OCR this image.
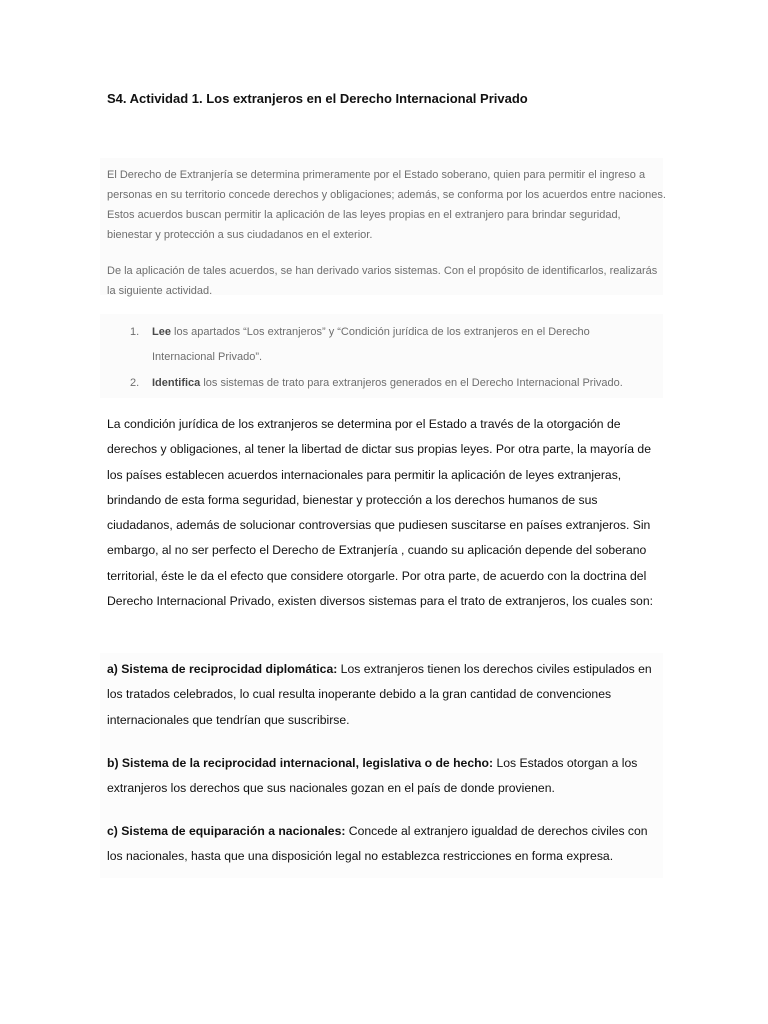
S4. Actividad 1. Los extranjeros en el Derecho Internacional Privado

El Derecho de Extranjería se determina primeramente por el Estado soberano, quien para permitir el ingreso a personas en su territorio concede derechos y obligaciones; además, se conforma por los acuerdos entre naciones. Estos acuerdos buscan permitir la aplicación de las leyes propias en el extranjero para brindar seguridad, bienestar y protección a sus ciudadanos en el exterior.

De la aplicación de tales acuerdos, se han derivado varios sistemas. Con el propósito de identificarlos, realizarás la siguiente actividad.

1. Lee los apartados “Los extranjeros” y “Condición jurídica de los extranjeros en el Derecho Internacional Privado”.
2. Identifica los sistemas de trato para extranjeros generados en el Derecho Internacional Privado.

La condición jurídica de los extranjeros se determina por el Estado a través de la otorgación de derechos y obligaciones, al tener la libertad de dictar sus propias leyes. Por otra parte, la mayoría de los países establecen acuerdos internacionales para permitir la aplicación de leyes extranjeras, brindando de esta forma seguridad, bienestar y protección a los derechos humanos de sus ciudadanos, además de solucionar controversias que pudiesen suscitarse en países extranjeros. Sin embargo, al no ser perfecto el Derecho de Extranjería , cuando su aplicación depende del soberano territorial, éste le da el efecto que considere otorgarle. Por otra parte, de acuerdo con la doctrina del Derecho Internacional Privado, existen diversos sistemas para el trato de extranjeros, los cuales son:

a) Sistema de reciprocidad diplomática: Los extranjeros tienen los derechos civiles estipulados en los tratados celebrados, lo cual resulta inoperante debido a la gran cantidad de convenciones internacionales que tendrían que suscribirse.

b) Sistema de la reciprocidad internacional, legislativa o de hecho: Los Estados otorgan a los extranjeros los derechos que sus nacionales gozan en el país de donde provienen.

c) Sistema de equiparación a nacionales: Concede al extranjero igualdad de derechos civiles con los nacionales, hasta que una disposición legal no establezca restricciones en forma expresa.
